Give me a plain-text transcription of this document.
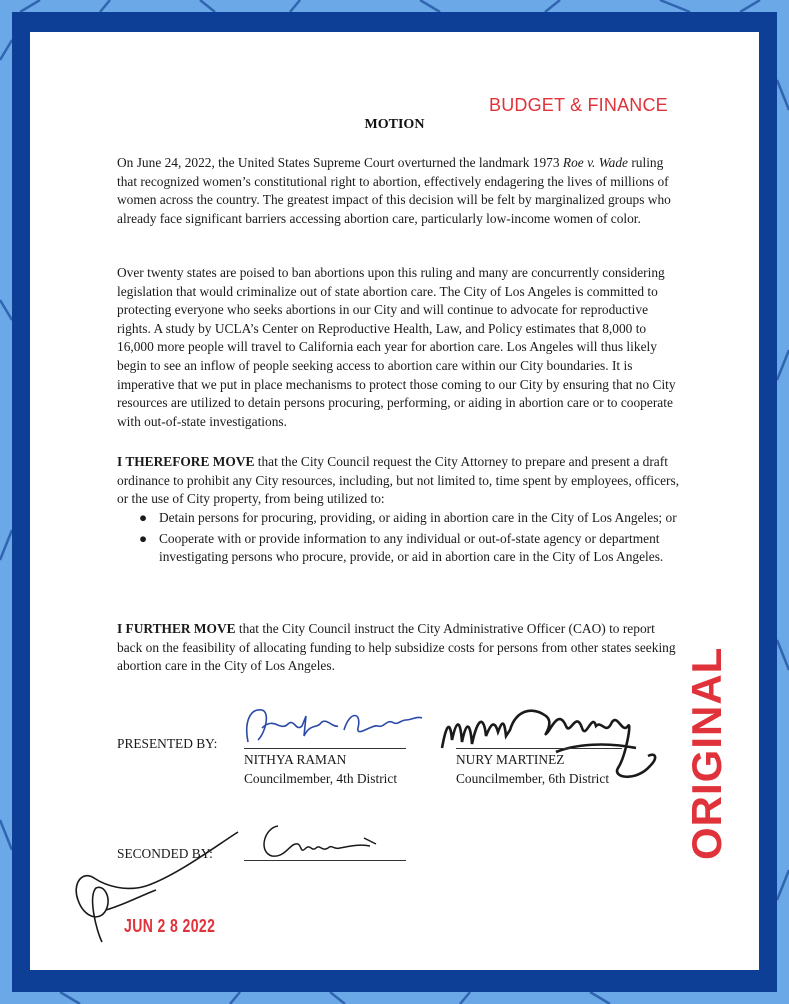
BUDGET & FINANCE
MOTION

On June 24, 2022, the United States Supreme Court overturned the landmark 1973 Roe v. Wade ruling that recognized women’s constitutional right to abortion, effectively endagering the lives of millions of women across the country. The greatest impact of this decision will be felt by marginalized groups who already face significant barriers accessing abortion care, particularly low-income women of color.

Over twenty states are poised to ban abortions upon this ruling and many are concurrently considering legislation that would criminalize out of state abortion care. The City of Los Angeles is committed to protecting everyone who seeks abortions in our City and will continue to advocate for reproductive rights. A study by UCLA’s Center on Reproductive Health, Law, and Policy estimates that 8,000 to 16,000 more people will travel to California each year for abortion care. Los Angeles will thus likely begin to see an inflow of people seeking access to abortion care within our City boundaries. It is imperative that we put in place mechanisms to protect those coming to our City by ensuring that no City resources are utilized to detain persons procuring, performing, or aiding in abortion care or to cooperate with out-of-state investigations.

I THEREFORE MOVE that the City Council request the City Attorney to prepare and present a draft ordinance to prohibit any City resources, including, but not limited to, time spent by employees, officers, or the use of City property, from being utilized to:

● Detain persons for procuring, providing, or aiding in abortion care in the City of Los Angeles; or
● Cooperate with or provide information to any individual or out-of-state agency or department investigating persons who procure, provide, or aid in abortion care in the City of Los Angeles.

I FURTHER MOVE that the City Council instruct the City Administrative Officer (CAO) to report back on the feasibility of allocating funding to help subsidize costs for persons from other states seeking abortion care in the City of Los Angeles.

PRESENTED BY:
NITHYA RAMAN
Councilmember, 4th District
NURY MARTINEZ
Councilmember, 6th District
SECONDED BY:
JUN 2 8 2022
ORIGINAL
